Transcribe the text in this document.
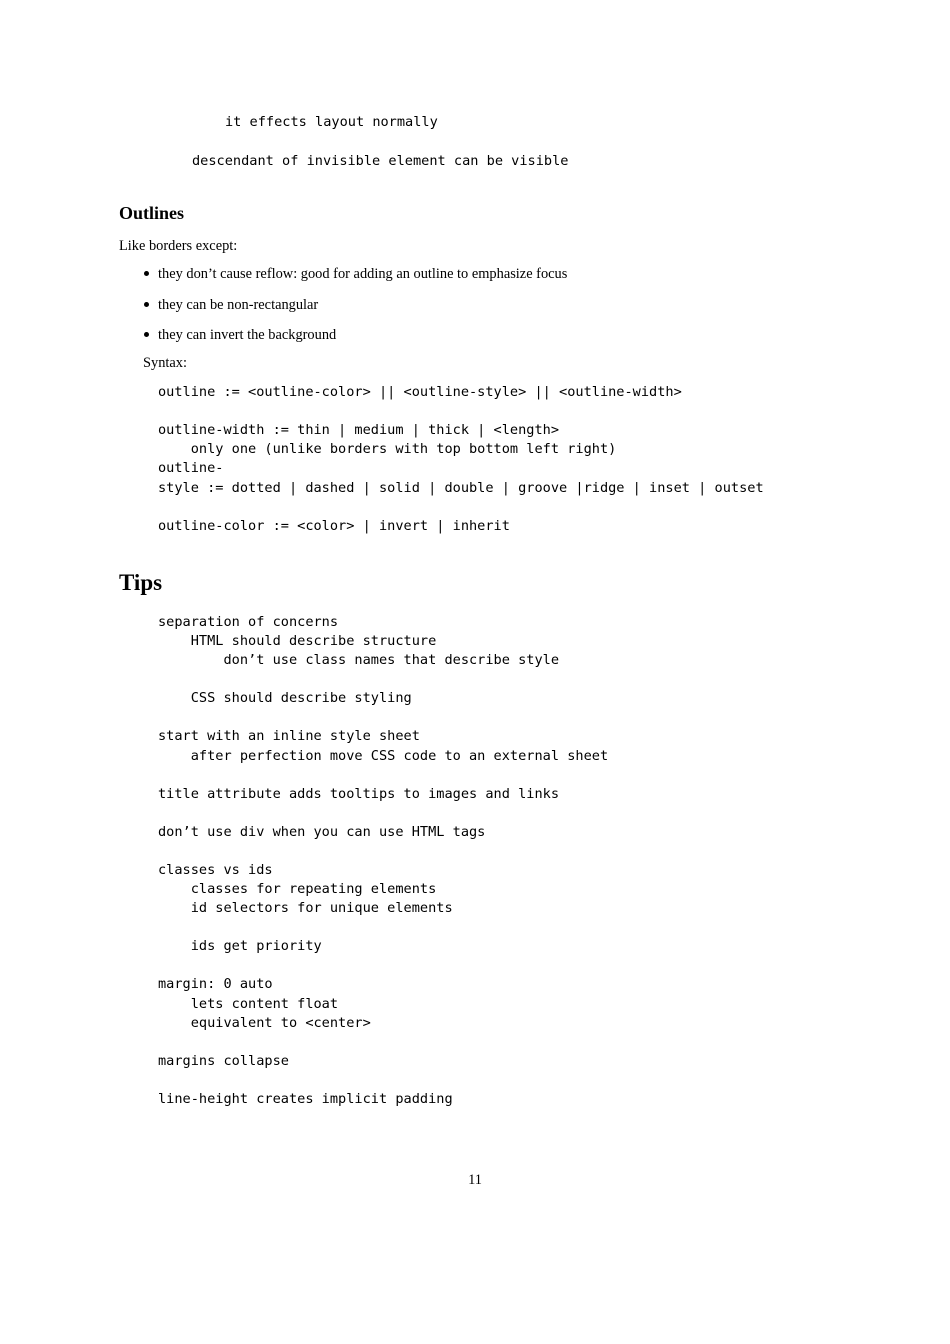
it effects layout normally
descendant of invisible element can be visible
Outlines
Like borders except:
they don’t cause reflow: good for adding an outline to emphasize focus
they can be non-rectangular
they can invert the background
Syntax:
outline := <outline-color> || <outline-style> || <outline-width>
outline-width := thin | medium | thick | <length>
only one (unlike borders with top bottom left right)
outline-
style := dotted | dashed | solid | double | groove |ridge | inset | outset
outline-color := <color> | invert | inherit
Tips
separation of concerns
HTML should describe structure
don’t use class names that describe style
CSS should describe styling
start with an inline style sheet
after perfection move CSS code to an external sheet
title attribute adds tooltips to images and links
don’t use div when you can use HTML tags
classes vs ids
classes for repeating elements
id selectors for unique elements
ids get priority
margin: 0 auto
lets content float
equivalent to <center>
margins collapse
line-height creates implicit padding
11
